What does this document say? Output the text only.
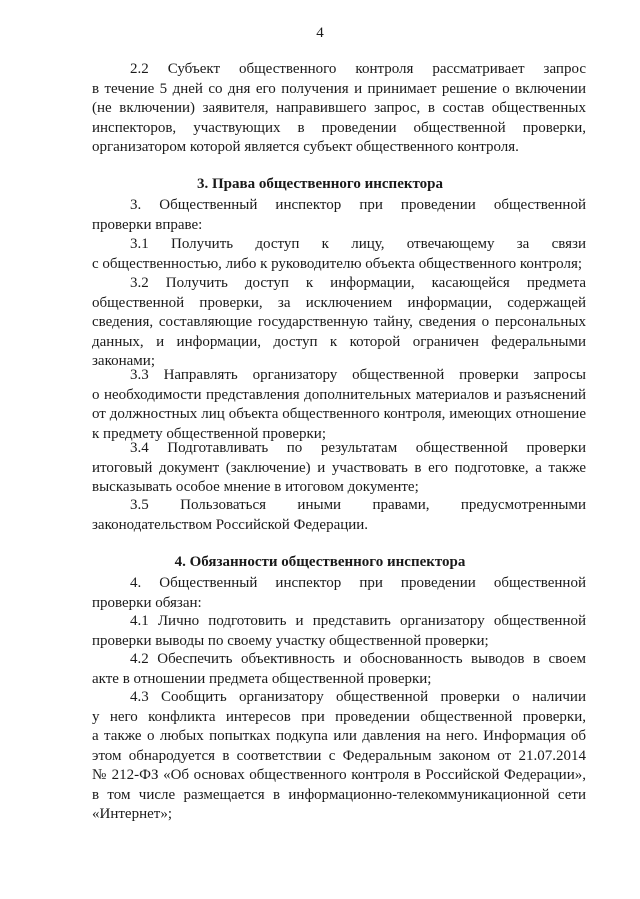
4
2.2 Субъект общественного контроля рассматривает запрос
в течение 5 дней со дня его получения и принимает решение о включении
(не включении) заявителя, направившего запрос, в состав общественных
инспекторов, участвующих в проведении общественной проверки,
организатором которой является субъект общественного контроля.
3. Права общественного инспектора
3. Общественный инспектор при проведении общественной
проверки вправе:
3.1 Получить доступ к лицу, отвечающему за связи
с общественностью, либо к руководителю объекта общественного контроля;
3.2 Получить доступ к информации, касающейся предмета
общественной проверки, за исключением информации, содержащей
сведения, составляющие государственную тайну, сведения о персональных
данных, и информации, доступ к которой ограничен федеральными
законами;
3.3 Направлять организатору общественной проверки запросы
о необходимости представления дополнительных материалов и разъяснений
от должностных лиц объекта общественного контроля, имеющих отношение
к предмету общественной проверки;
3.4 Подготавливать по результатам общественной проверки
итоговый документ (заключение) и участвовать в его подготовке, а также
высказывать особое мнение в итоговом документе;
3.5 Пользоваться иными правами, предусмотренными
законодательством Российской Федерации.
4. Обязанности общественного инспектора
4. Общественный инспектор при проведении общественной
проверки обязан:
4.1 Лично подготовить и представить организатору общественной
проверки выводы по своему участку общественной проверки;
4.2 Обеспечить объективность и обоснованность выводов в своем
акте в отношении предмета общественной проверки;
4.3 Сообщить организатору общественной проверки о наличии
у него конфликта интересов при проведении общественной проверки,
а также о любых попытках подкупа или давления на него. Информация об
этом обнародуется в соответствии с Федеральным законом от 21.07.2014
№ 212-ФЗ «Об основах общественного контроля в Российской Федерации»,
в том числе размещается в информационно-телекоммуникационной сети
«Интернет»;
